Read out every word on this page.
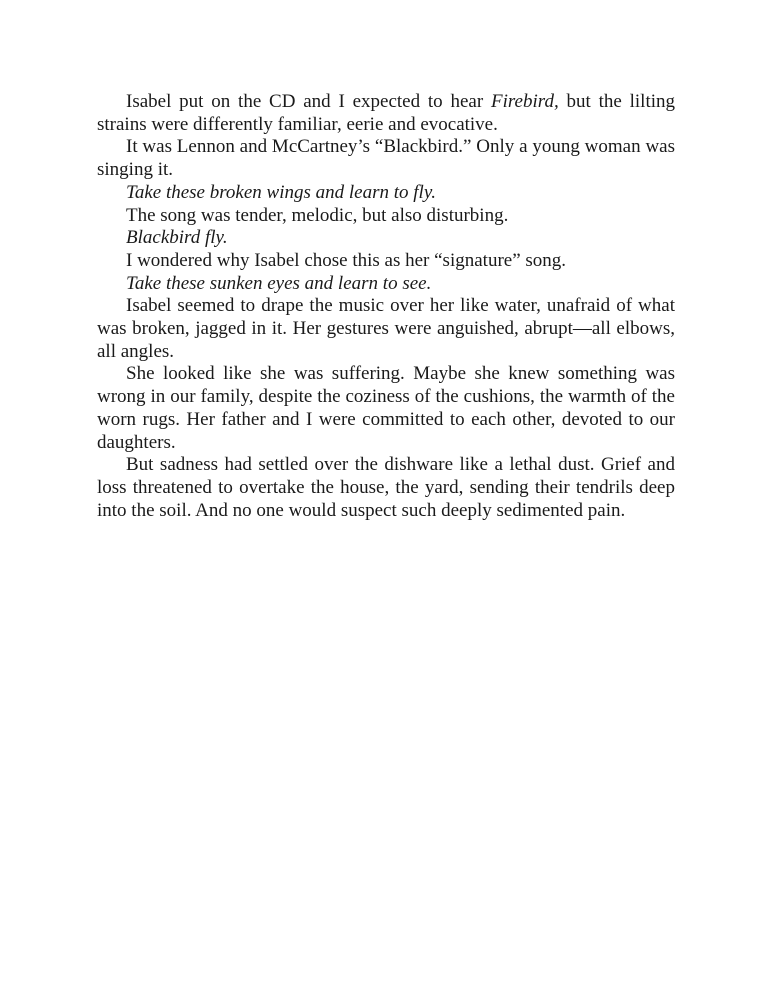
Isabel put on the CD and I expected to hear Firebird, but the lilting strains were differently familiar, eerie and evocative.

It was Lennon and McCartney’s “Blackbird.” Only a young woman was singing it.

Take these broken wings and learn to fly.

The song was tender, melodic, but also disturbing.

Blackbird fly.

I wondered why Isabel chose this as her “signature” song.

Take these sunken eyes and learn to see.

Isabel seemed to drape the music over her like water, unafraid of what was broken, jagged in it. Her gestures were anguished, abrupt—all elbows, all angles.

She looked like she was suffering. Maybe she knew something was wrong in our family, despite the coziness of the cushions, the warmth of the worn rugs. Her father and I were committed to each other, devoted to our daughters.

But sadness had settled over the dishware like a lethal dust. Grief and loss threatened to overtake the house, the yard, sending their tendrils deep into the soil. And no one would suspect such deeply sedimented pain.
